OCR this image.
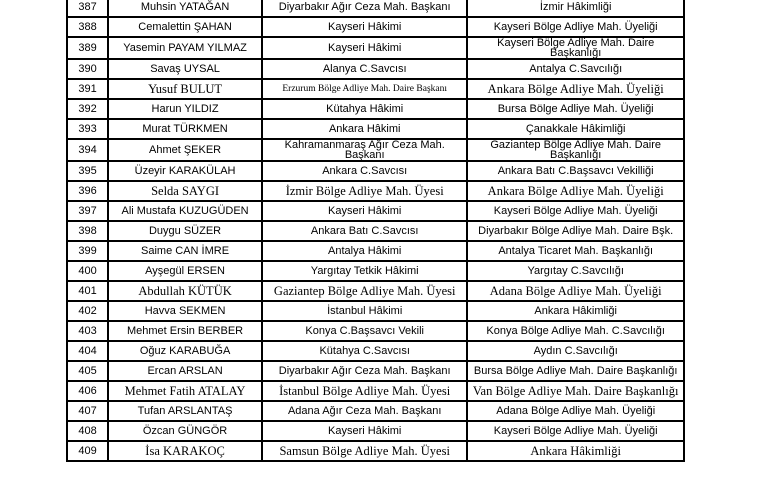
387	Muhsin YATAĞAN	Diyarbakır Ağır Ceza Mah. Başkanı	İzmir Hâkimliği
388	Cemalettin ŞAHAN	Kayseri Hâkimi	Kayseri Bölge Adliye Mah. Üyeliği
389	Yasemin PAYAM YILMAZ	Kayseri Hâkimi	Kayseri Bölge Adliye Mah. Daire Başkanlığı
390	Savaş UYSAL	Alanya C.Savcısı	Antalya C.Savcılığı
391	Yusuf BULUT	Erzurum Bölge Adliye Mah. Daire Başkanı	Ankara Bölge Adliye Mah. Üyeliği
392	Harun YILDIZ	Kütahya Hâkimi	Bursa Bölge Adliye Mah. Üyeliği
393	Murat TÜRKMEN	Ankara Hâkimi	Çanakkale Hâkimliği
394	Ahmet ŞEKER	Kahramanmaraş Ağır Ceza Mah. Başkanı	Gaziantep Bölge Adliye Mah. Daire Başkanlığı
395	Üzeyir KARAKÜLAH	Ankara C.Savcısı	Ankara Batı C.Başsavcı Vekilliği
396	Selda SAYGI	İzmir Bölge Adliye Mah. Üyesi	Ankara Bölge Adliye Mah. Üyeliği
397	Ali Mustafa KUZUGÜDEN	Kayseri Hâkimi	Kayseri Bölge Adliye Mah. Üyeliği
398	Duygu SÜZER	Ankara Batı C.Savcısı	Diyarbakır Bölge Adliye Mah. Daire Bşk.
399	Saime CAN İMRE	Antalya Hâkimi	Antalya Ticaret Mah. Başkanlığı
400	Ayşegül ERSEN	Yargıtay Tetkik Hâkimi	Yargıtay C.Savcılığı
401	Abdullah KÜTÜK	Gaziantep Bölge Adliye Mah. Üyesi	Adana Bölge Adliye Mah. Üyeliği
402	Havva SEKMEN	İstanbul Hâkimi	Ankara Hâkimliği
403	Mehmet Ersin BERBER	Konya C.Başsavcı Vekili	Konya Bölge Adliye Mah. C.Savcılığı
404	Oğuz KARABUĞA	Kütahya C.Savcısı	Aydın C.Savcılığı
405	Ercan ARSLAN	Diyarbakır Ağır Ceza Mah. Başkanı	Bursa Bölge Adliye Mah. Daire Başkanlığı
406	Mehmet Fatih ATALAY	İstanbul Bölge Adliye Mah. Üyesi	Van Bölge Adliye Mah. Daire Başkanlığı
407	Tufan ARSLANTAŞ	Adana Ağır Ceza Mah. Başkanı	Adana Bölge Adliye Mah. Üyeliği
408	Özcan GÜNGÖR	Kayseri Hâkimi	Kayseri Bölge Adliye Mah. Üyeliği
409	İsa KARAKOÇ	Samsun Bölge Adliye Mah. Üyesi	Ankara Hâkimliği
